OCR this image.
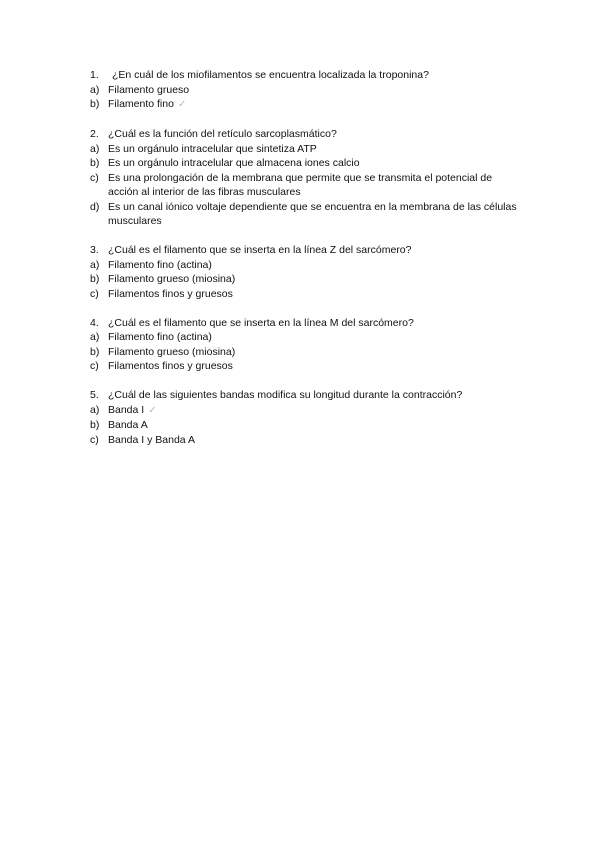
1.	¿En cuál de los miofilamentos se encuentra localizada la troponina?
a) Filamento grueso
b) Filamento fino ✓
2. ¿Cuál es la función del retículo sarcoplasmático?
a) Es un orgánulo intracelular que sintetiza ATP
b) Es un orgánulo intracelular que almacena iones calcio
c) Es una prolongación de la membrana que permite que se transmita el potencial de acción al interior de las fibras musculares
d) Es un canal iónico voltaje dependiente que se encuentra en la membrana de las células musculares
3. ¿Cuál es el filamento que se inserta en la línea Z del sarcómero?
a) Filamento fino (actina)
b) Filamento grueso (miosina)
c) Filamentos finos y gruesos
4. ¿Cuál es el filamento que se inserta en la línea M del sarcómero?
a) Filamento fino (actina)
b) Filamento grueso (miosina)
c) Filamentos finos y gruesos
5. ¿Cuál de las siguientes bandas modifica su longitud durante la contracción?
a) Banda I ✓
b) Banda A
c) Banda I y Banda A
